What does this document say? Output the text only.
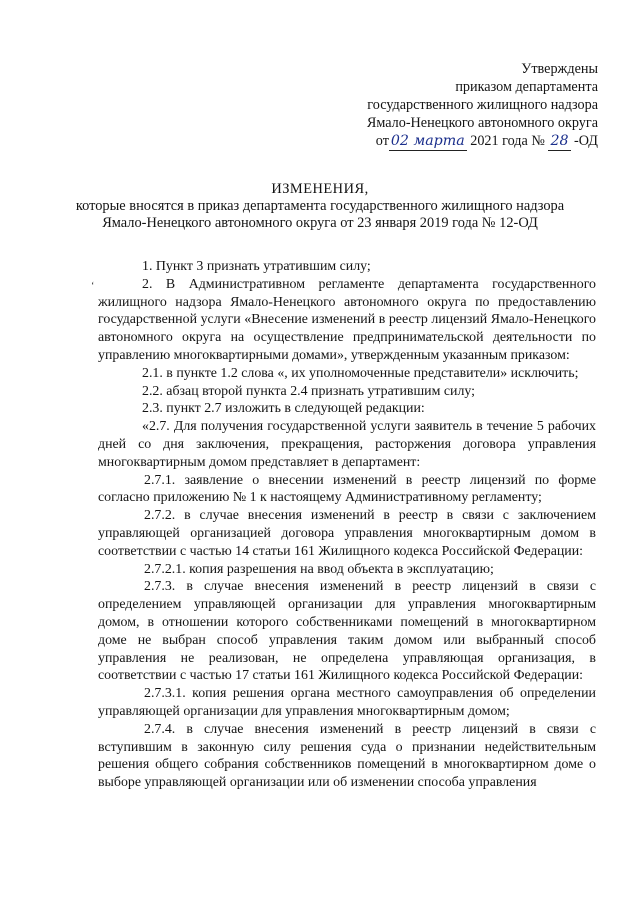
Утверждены
приказом департамента
государственного жилищного надзора
Ямало-Ненецкого автономного округа
от 02 марта 2021 года № 28 -ОД
ИЗМЕНЕНИЯ,
которые вносятся в приказ департамента государственного жилищного надзора
Ямало-Ненецкого автономного округа от 23 января 2019 года № 12-ОД
‘

1. Пункт 3 признать утратившим силу;

2. В Административном регламенте департамента государственного жилищного надзора Ямало-Ненецкого автономного округа по предоставлению государственной услуги «Внесение изменений в реестр лицензий Ямало-Ненецкого автономного округа на осуществление предпринимательской деятельности по управлению многоквартирными домами», утвержденным указанным приказом:

2.1. в пункте 1.2 слова «, их уполномоченные представители» исключить;

2.2. абзац второй пункта 2.4 признать утратившим силу;

2.3. пункт 2.7 изложить в следующей редакции:

«2.7. Для получения государственной услуги заявитель в течение 5 рабочих дней со дня заключения, прекращения, расторжения договора управления многоквартирным домом представляет в департамент:

2.7.1. заявление о внесении изменений в реестр лицензий по форме согласно приложению № 1 к настоящему Административному регламенту;

2.7.2. в случае внесения изменений в реестр в связи с заключением управляющей организацией договора управления многоквартирным домом в соответствии с частью 14 статьи 161 Жилищного кодекса Российской Федерации:

2.7.2.1. копия разрешения на ввод объекта в эксплуатацию;

2.7.3. в случае внесения изменений в реестр лицензий в связи с определением управляющей организации для управления многоквартирным домом, в отношении которого собственниками помещений в многоквартирном доме не выбран способ управления таким домом или выбранный способ управления не реализован, не определена управляющая организация, в соответствии с частью 17 статьи 161 Жилищного кодекса Российской Федерации:

2.7.3.1. копия решения органа местного самоуправления об определении управляющей организации для управления многоквартирным домом;

2.7.4. в случае внесения изменений в реестр лицензий в связи с вступившим в законную силу решения суда о признании недействительным решения общего собрания собственников помещений в многоквартирном доме о выборе управляющей организации или об изменении способа управления
